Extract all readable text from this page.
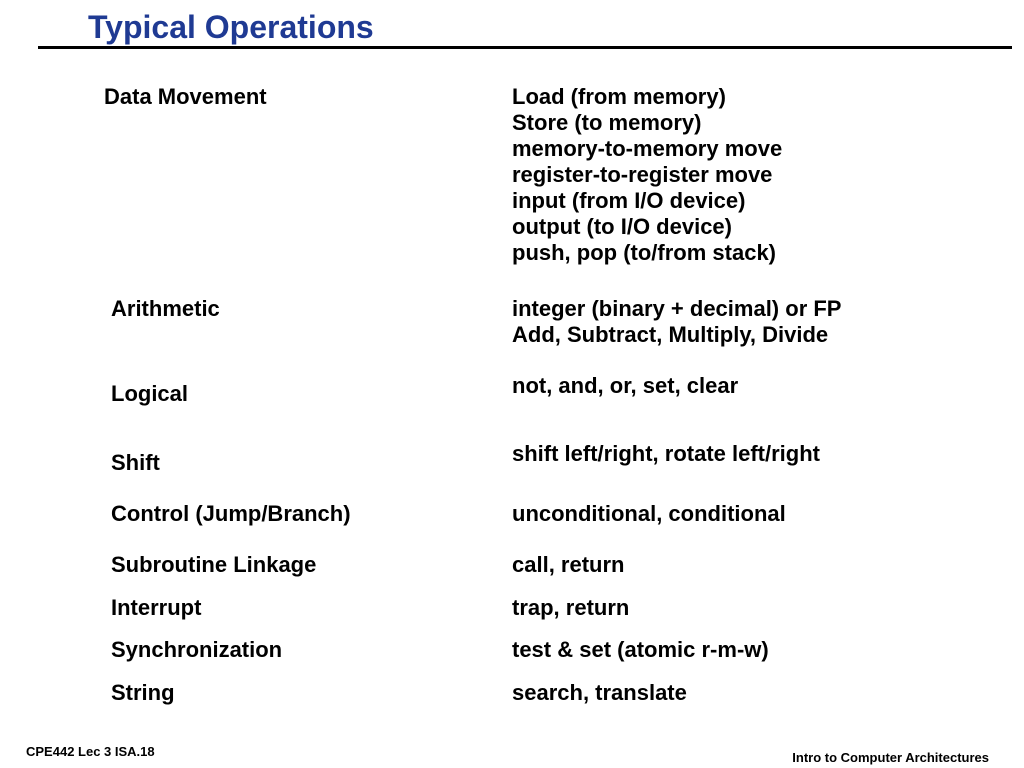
Typical Operations
Data Movement	Load (from memory)
Store (to memory)
memory-to-memory move
register-to-register move
input (from I/O device)
output (to I/O device)
push, pop (to/from stack)
Arithmetic	integer (binary + decimal) or FP
Add, Subtract, Multiply, Divide
Logical	not, and, or, set, clear
Shift	shift left/right, rotate left/right
Control (Jump/Branch)	unconditional, conditional
Subroutine Linkage	call, return
Interrupt	trap, return
Synchronization	test & set (atomic r-m-w)
String	search, translate
CPE442 Lec 3 ISA.18	Intro to Computer Architectures
